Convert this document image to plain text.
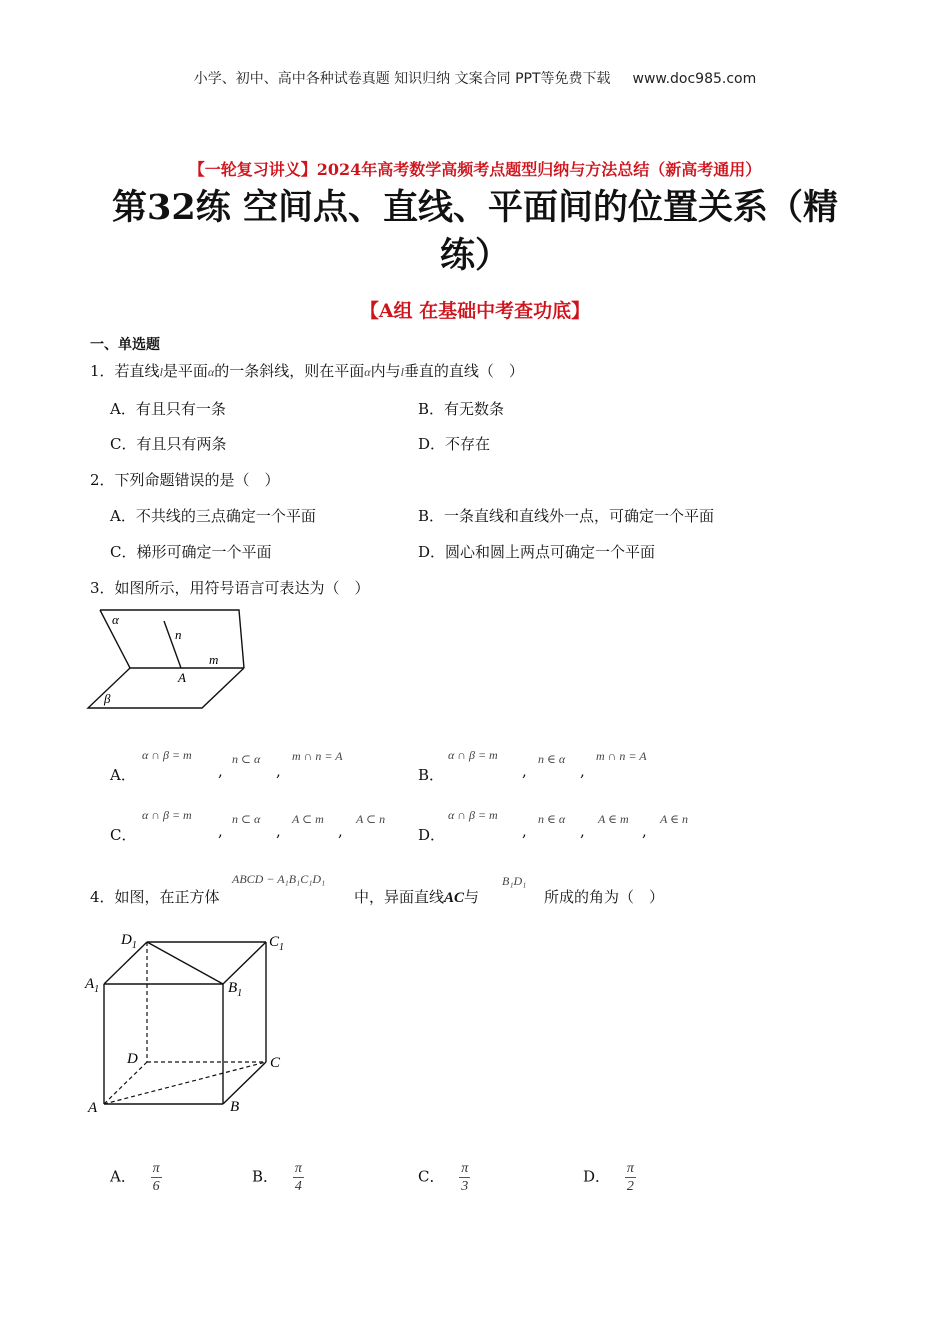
小学、初中、高中各种试卷真题 知识归纳 文案合同 PPT等免费下载 www.doc985.com
【一轮复习讲义】2024年高考数学高频考点题型归纳与方法总结（新高考通用）
第32练 空间点、直线、平面间的位置关系（精练）
【A组 在基础中考查功底】
一、单选题
1．若直线l是平面α的一条斜线，则在平面α内与l垂直的直线（　）
A．有且只有一条	B．有无数条
C．有且只有两条	D．不存在
2．下列命题错误的是（　）
A．不共线的三点确定一个平面	B．一条直线和直线外一点，可确定一个平面
C．梯形可确定一个平面	D．圆心和圆上两点可确定一个平面
3．如图所示，用符号语言可表达为（　）
α
β
n
m
A
A．
α ∩ β = m
,
n ⊂ α
,
m ∩ n = A
B．
α ∩ β = m
,
n ∈ α
,
m ∩ n = A
C．
α ∩ β = m
,
n ⊂ α
,
A ⊂ m
,
A ⊂ n
D．
α ∩ β = m
,
n ∈ α
,
A ∈ m
,
A ∈ n
4．如图，在正方体
ABCD − A₁B₁C₁D₁
中，异面直线AC与
B₁D₁
所成的角为（　）
$D_1$	$C_1$
$A_1$	$B_1$
D	C
A	B
A． $\frac{\pi}{6}$	B． $\frac{\pi}{4}$	C． $\frac{\pi}{3}$	D． $\frac{\pi}{2}$
